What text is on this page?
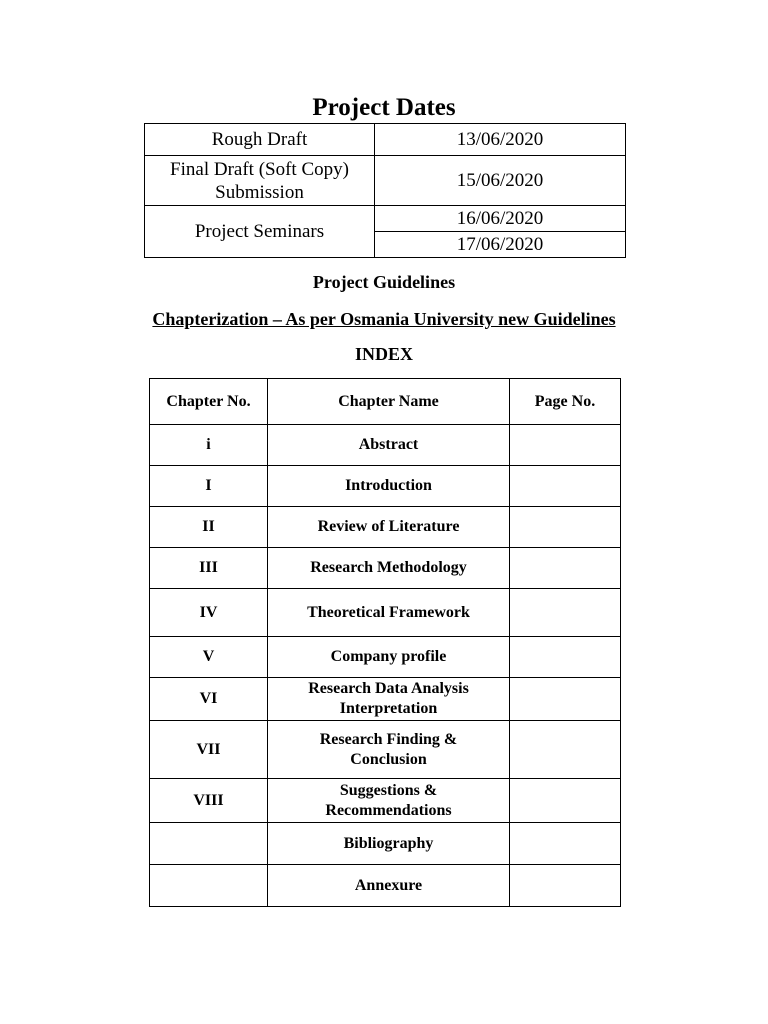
Project Dates
Rough Draft	13/06/2020
Final Draft (Soft Copy) Submission	15/06/2020
Project Seminars	16/06/2020
	17/06/2020
Project Guidelines
Chapterization – As per Osmania University new Guidelines
INDEX
Chapter No.	Chapter Name	Page No.
i	Abstract	
I	Introduction	
II	Review of Literature	
III	Research Methodology	
IV	Theoretical Framework	
V	Company profile	
VI	Research Data Analysis Interpretation	
VII	Research Finding & Conclusion	
VIII	Suggestions & Recommendations	
	Bibliography	
	Annexure	
